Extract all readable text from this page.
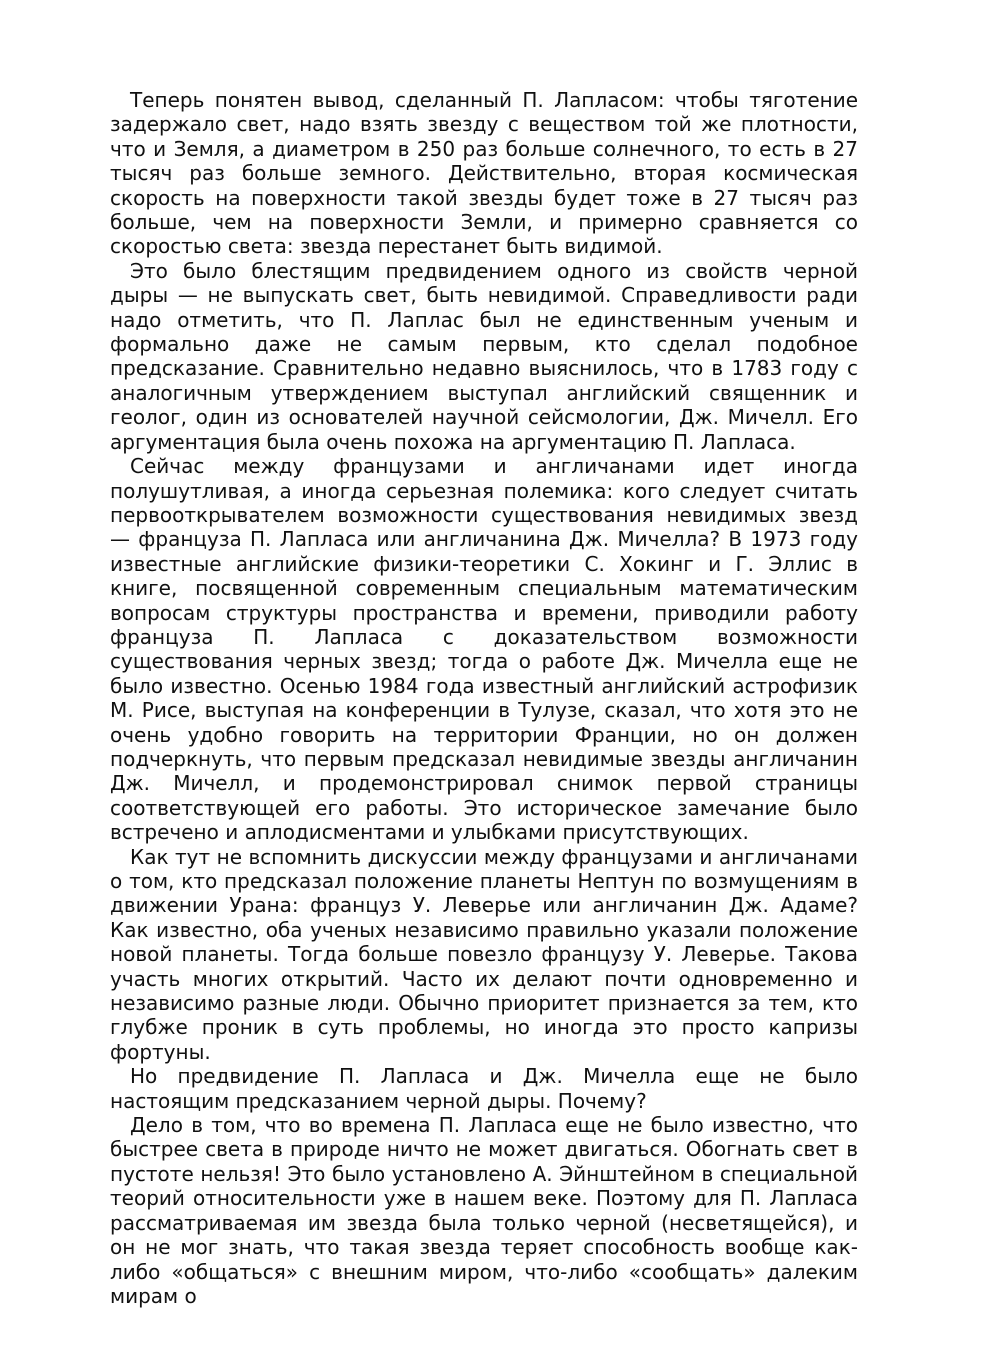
Теперь понятен вывод, сделанный П. Лапласом: чтобы тяготение задержало свет, надо взять звезду с веществом той же плотности, что и Земля, а диаметром в 250 раз больше солнечного, то есть в 27 тысяч раз больше земного. Действительно, вторая космическая скорость на поверхности такой звезды будет тоже в 27 тысяч раз больше, чем на поверхности Земли, и примерно сравняется со скоростью света: звезда перестанет быть видимой.

Это было блестящим предвидением одного из свойств черной дыры — не выпускать свет, быть невидимой. Справедливости ради надо отметить, что П. Лаплас был не единственным ученым и формально даже не самым первым, кто сделал подобное предсказание. Сравнительно недавно выяснилось, что в 1783 году с аналогичным утверждением выступал английский священник и геолог, один из основателей научной сейсмологии, Дж. Мичелл. Его аргументация была очень похожа на аргументацию П. Лапласа.

Сейчас между французами и англичанами идет иногда полушутливая, а иногда серьезная полемика: кого следует считать первооткрывателем возможности существования невидимых звезд — француза П. Лапласа или англичанина Дж. Мичелла? В 1973 году известные английские физики-теоретики С. Хокинг и Г. Эллис в книге, посвященной современным специальным математическим вопросам структуры пространства и времени, приводили работу француза П. Лапласа с доказательством возможности существования черных звезд; тогда о работе Дж. Мичелла еще не было известно. Осенью 1984 года известный английский астрофизик М. Рисе, выступая на конференции в Тулузе, сказал, что хотя это не очень удобно говорить на территории Франции, но он должен подчеркнуть, что первым предсказал невидимые звезды англичанин Дж. Мичелл, и продемонстрировал снимок первой страницы соответствующей его работы. Это историческое замечание было встречено и аплодисментами и улыбками присутствующих.

Как тут не вспомнить дискуссии между французами и англичанами о том, кто предсказал положение планеты Нептун по возмущениям в движении Урана: француз У. Леверье или англичанин Дж. Адаме? Как известно, оба ученых независимо правильно указали положение новой планеты. Тогда больше повезло французу У. Леверье. Такова участь многих открытий. Часто их делают почти одновременно и независимо разные люди. Обычно приоритет признается за тем, кто глубже проник в суть проблемы, но иногда это просто капризы фортуны.

Но предвидение П. Лапласа и Дж. Мичелла еще не было настоящим предсказанием черной дыры. Почему?

Дело в том, что во времена П. Лапласа еще не было известно, что быстрее света в природе ничто не может двигаться. Обогнать свет в пустоте нельзя! Это было установлено А. Эйнштейном в специальной теорий относительности уже в нашем веке. Поэтому для П. Лапласа рассматриваемая им звезда была только черной (несветящейся), и он не мог знать, что такая звезда теряет способность вообще как-либо «общаться» с внешним миром, что-либо «сообщать» далеким мирам о
